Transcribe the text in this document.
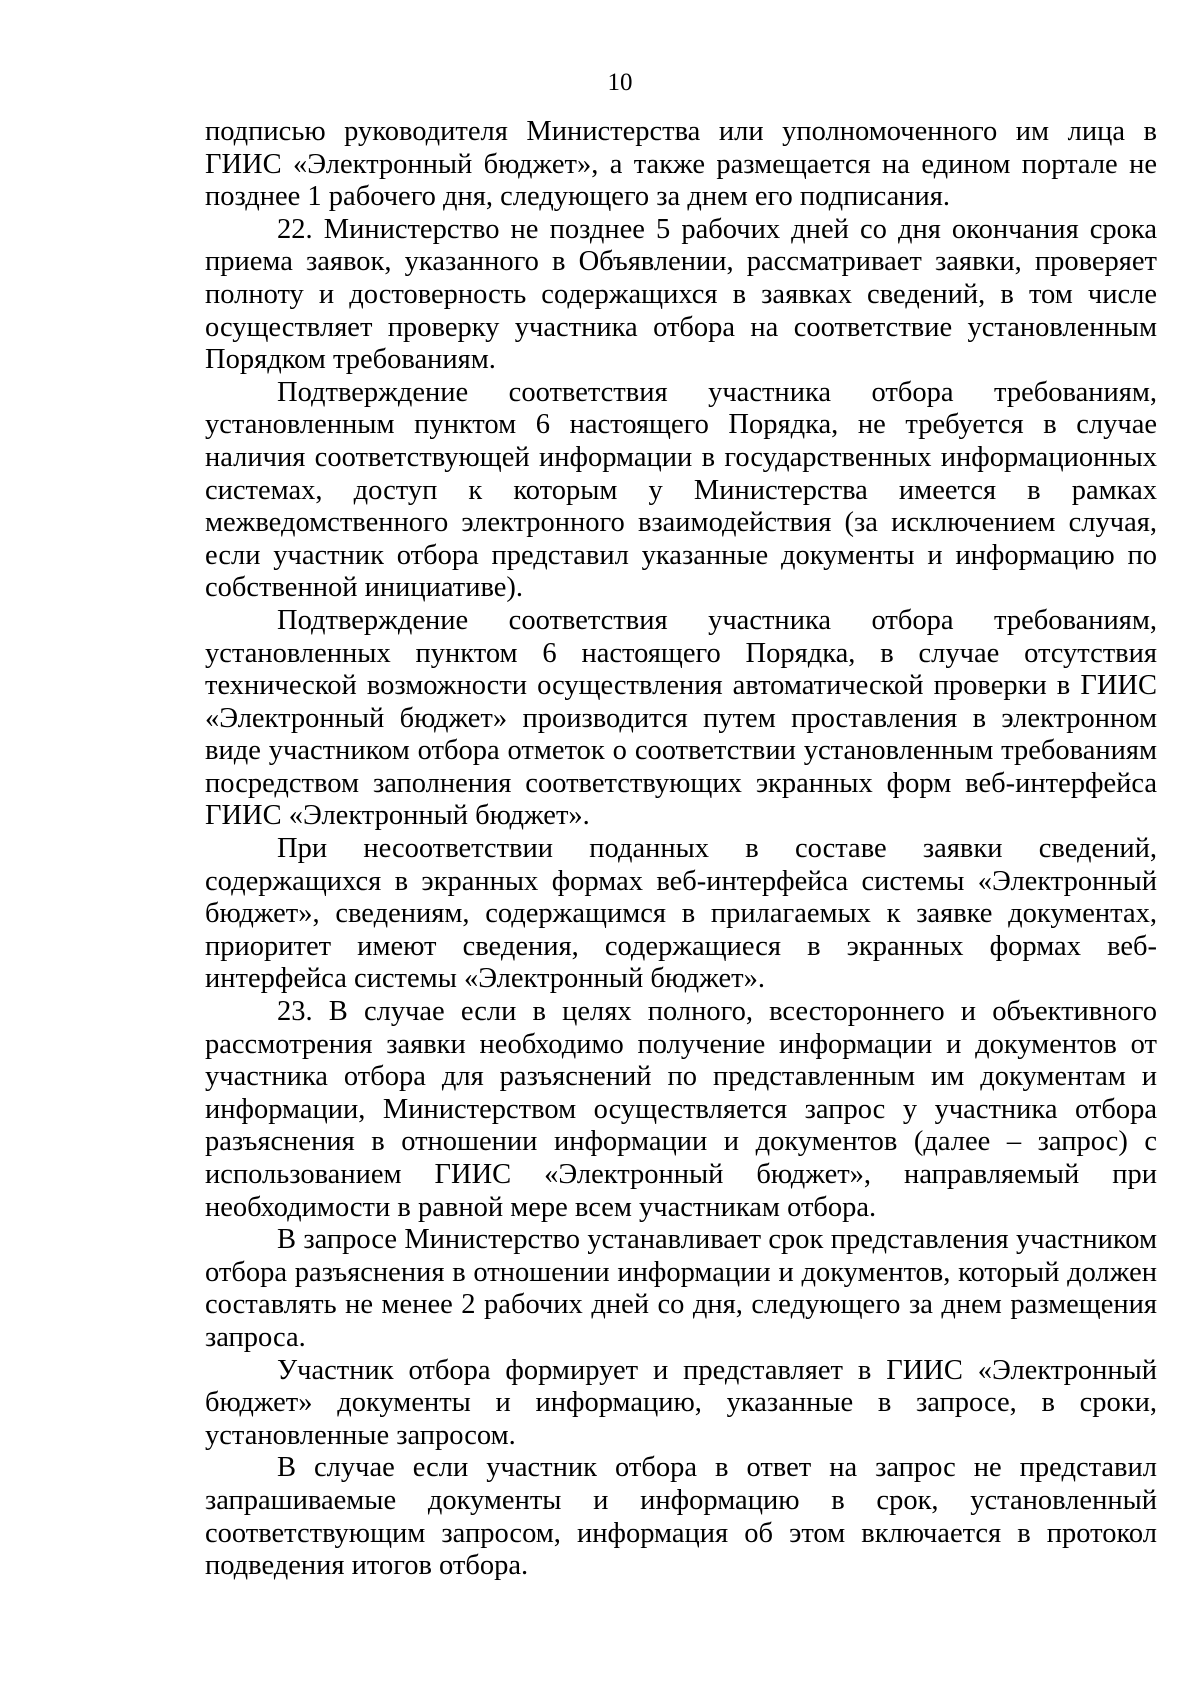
10

подписью руководителя Министерства или уполномоченного им лица в ГИИС «Электронный бюджет», а также размещается на едином портале не позднее 1 рабочего дня, следующего за днем его подписания.

22. Министерство не позднее 5 рабочих дней со дня окончания срока приема заявок, указанного в Объявлении, рассматривает заявки, проверяет полноту и достоверность содержащихся в заявках сведений, в том числе осуществляет проверку участника отбора на соответствие установленным Порядком требованиям.

Подтверждение соответствия участника отбора требованиям, установленным пунктом 6 настоящего Порядка, не требуется в случае наличия соответствующей информации в государственных информационных системах, доступ к которым у Министерства имеется в рамках межведомственного электронного взаимодействия (за исключением случая, если участник отбора представил указанные документы и информацию по собственной инициативе).

Подтверждение соответствия участника отбора требованиям, установленных пунктом 6 настоящего Порядка, в случае отсутствия технической возможности осуществления автоматической проверки в ГИИС «Электронный бюджет» производится путем проставления в электронном виде участником отбора отметок о соответствии установленным требованиям посредством заполнения соответствующих экранных форм веб-интерфейса ГИИС «Электронный бюджет».

При несоответствии поданных в составе заявки сведений, содержащихся в экранных формах веб-интерфейса системы «Электронный бюджет», сведениям, содержащимся в прилагаемых к заявке документах, приоритет имеют сведения, содержащиеся в экранных формах веб-интерфейса системы «Электронный бюджет».

23. В случае если в целях полного, всестороннего и объективного рассмотрения заявки необходимо получение информации и документов от участника отбора для разъяснений по представленным им документам и информации, Министерством осуществляется запрос у участника отбора разъяснения в отношении информации и документов (далее – запрос) с использованием ГИИС «Электронный бюджет», направляемый при необходимости в равной мере всем участникам отбора.

В запросе Министерство устанавливает срок представления участником отбора разъяснения в отношении информации и документов, который должен составлять не менее 2 рабочих дней со дня, следующего за днем размещения запроса.

Участник отбора формирует и представляет в ГИИС «Электронный бюджет» документы и информацию, указанные в запросе, в сроки, установленные запросом.

В случае если участник отбора в ответ на запрос не представил запрашиваемые документы и информацию в срок, установленный соответствующим запросом, информация об этом включается в протокол подведения итогов отбора.
